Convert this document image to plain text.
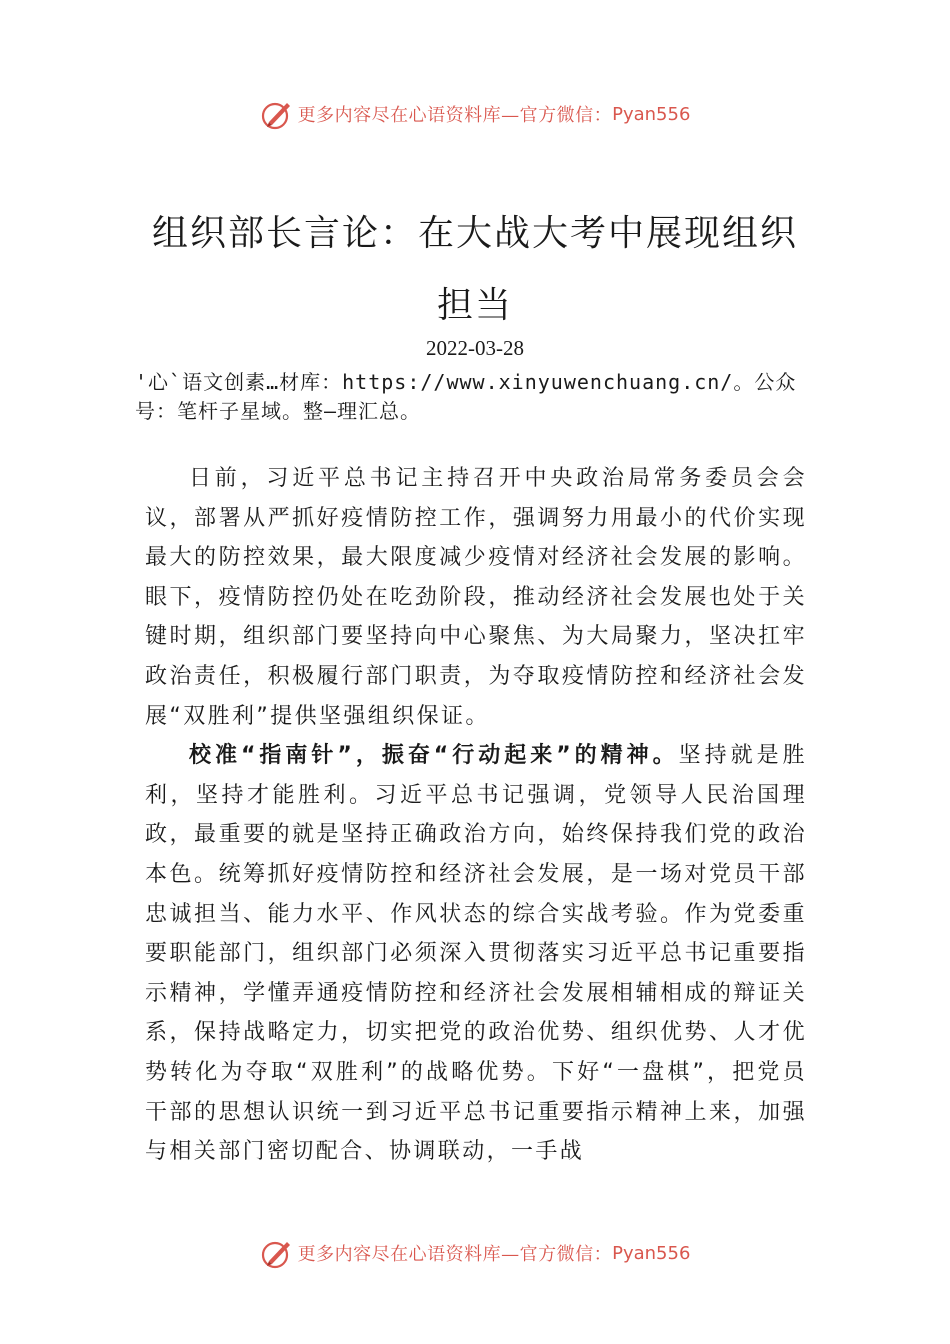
更多内容尽在心语资料库—官方微信： Pyan556
组织部长言论：在大战大考中展现组织担当
2022-03-28
'心`语文创素…材库：https://www.xinyuwenchuang.cn/。公众号：笔杆子星域。整—理汇总。

日前，习近平总书记主持召开中央政治局常务委员会会议，部署从严抓好疫情防控工作，强调努力用最小的代价实现最大的防控效果，最大限度减少疫情对经济社会发展的影响。眼下，疫情防控仍处在吃劲阶段，推动经济社会发展也处于关键时期，组织部门要坚持向中心聚焦、为大局聚力，坚决扛牢政治责任，积极履行部门职责，为夺取疫情防控和经济社会发展“双胜利”提供坚强组织保证。

校准“指南针”，振奋“行动起来”的精神。坚持就是胜利，坚持才能胜利。习近平总书记强调，党领导人民治国理政，最重要的就是坚持正确政治方向，始终保持我们党的政治本色。统筹抓好疫情防控和经济社会发展，是一场对党员干部忠诚担当、能力水平、作风状态的综合实战考验。作为党委重要职能部门，组织部门必须深入贯彻落实习近平总书记重要指示精神，学懂弄通疫情防控和经济社会发展相辅相成的辩证关系，保持战略定力，切实把党的政治优势、组织优势、人才优势转化为夺取“双胜利”的战略优势。下好“一盘棋”，把党员干部的思想认识统一到习近平总书记重要指示精神上来，加强与相关部门密切配合、协调联动，一手战

更多内容尽在心语资料库—官方微信： Pyan556
